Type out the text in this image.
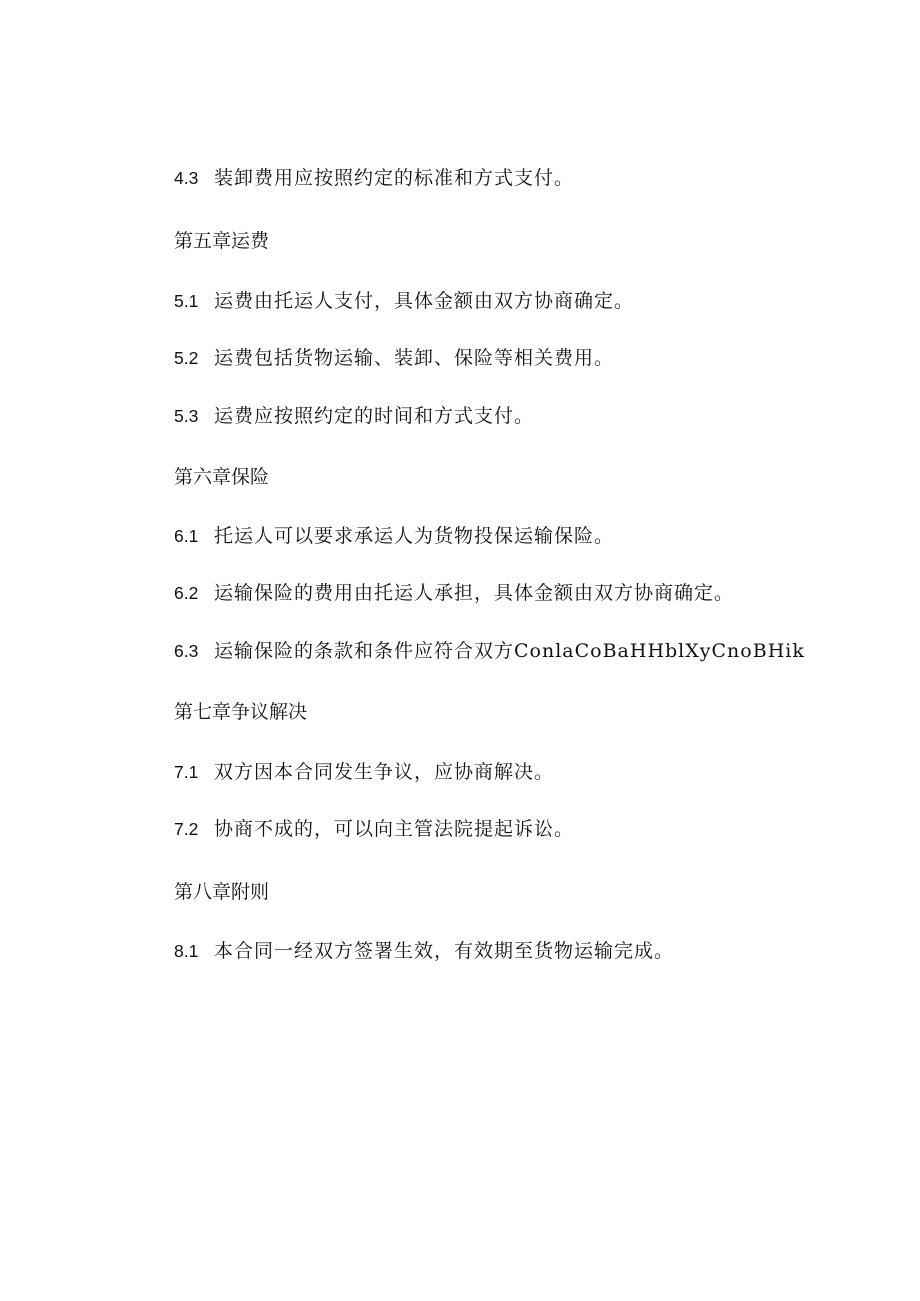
4.3 装卸费用应按照约定的标准和方式支付。
第五章运费
5.1 运费由托运人支付，具体金额由双方协商确定。
5.2 运费包括货物运输、装卸、保险等相关费用。
5.3 运费应按照约定的时间和方式支付。
第六章保险
6.1 托运人可以要求承运人为货物投保运输保险。
6.2 运输保险的费用由托运人承担，具体金额由双方协商确定。
6.3 运输保险的条款和条件应符合双方ConlaCoBaHHblXyCnoBHik
第七章争议解决
7.1 双方因本合同发生争议，应协商解决。
7.2 协商不成的，可以向主管法院提起诉讼。
第八章附则
8.1 本合同一经双方签署生效，有效期至货物运输完成。
